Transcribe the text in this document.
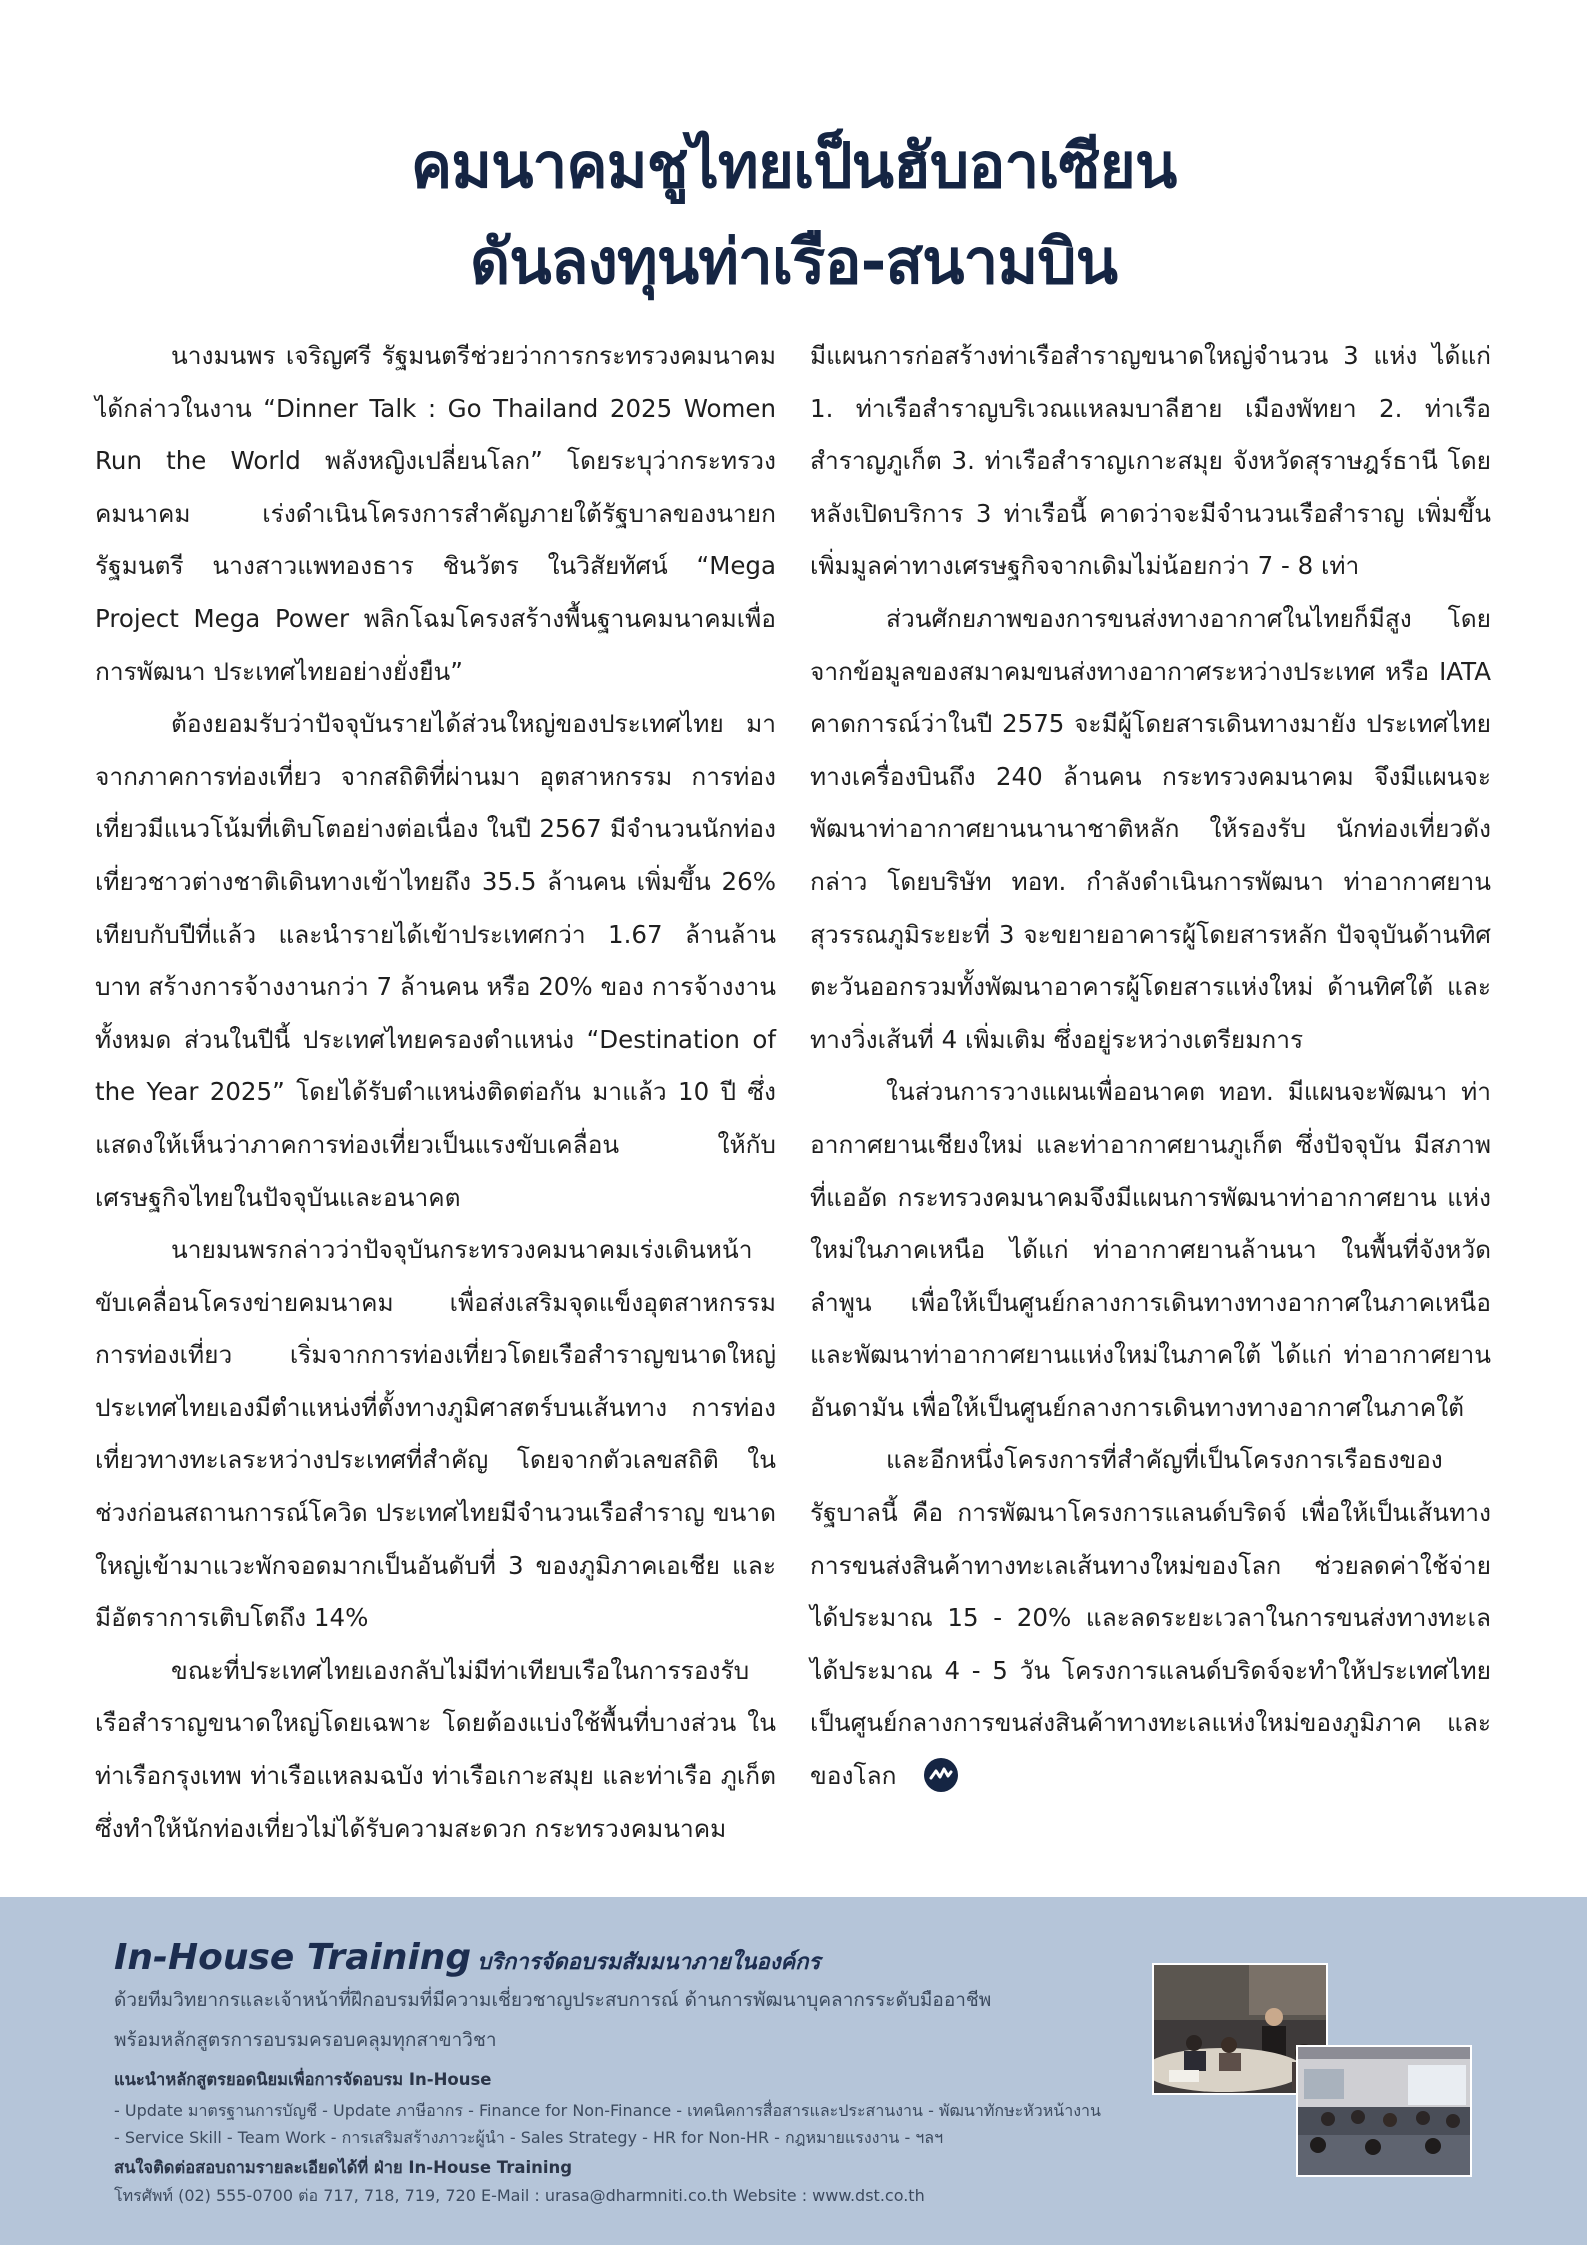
คมนาคมชูไทยเป็นฮับอาเซียน
ดันลงทุนท่าเรือ-สนามบิน

นางมนพร เจริญศรี รัฐมนตรีช่วยว่าการกระทรวงคมนาคม ได้กล่าวในงาน “Dinner Talk : Go Thailand 2025 Women Run the World พลังหญิงเปลี่ยนโลก” โดยระบุว่ากระทรวงคมนาคม เร่งดำเนินโครงการสำคัญภายใต้รัฐบาลของนายกรัฐมนตรี นางสาวแพทองธาร ชินวัตร ในวิสัยทัศน์ “Mega Project Mega Power พลิกโฉมโครงสร้างพื้นฐานคมนาคมเพื่อการพัฒนา ประเทศไทยอย่างยั่งยืน”

ต้องยอมรับว่าปัจจุบันรายได้ส่วนใหญ่ของประเทศไทย มาจากภาคการท่องเที่ยว จากสถิติที่ผ่านมา อุตสาหกรรม การท่องเที่ยวมีแนวโน้มที่เติบโตอย่างต่อเนื่อง ในปี 2567 มีจำนวนนักท่องเที่ยวชาวต่างชาติเดินทางเข้าไทยถึง 35.5 ล้านคน เพิ่มขึ้น 26% เทียบกับปีที่แล้ว และนำรายได้เข้าประเทศกว่า 1.67 ล้านล้านบาท สร้างการจ้างงานกว่า 7 ล้านคน หรือ 20% ของ การจ้างงานทั้งหมด ส่วนในปีนี้ ประเทศไทยครองตำแหน่ง “Destination of the Year 2025” โดยได้รับตำแหน่งติดต่อกัน มาแล้ว 10 ปี ซึ่งแสดงให้เห็นว่าภาคการท่องเที่ยวเป็นแรงขับเคลื่อน ให้กับเศรษฐกิจไทยในปัจจุบันและอนาคต

นายมนพรกล่าวว่าปัจจุบันกระทรวงคมนาคมเร่งเดินหน้า ขับเคลื่อนโครงข่ายคมนาคม เพื่อส่งเสริมจุดแข็งอุตสาหกรรม การท่องเที่ยว เริ่มจากการท่องเที่ยวโดยเรือสำราญขนาดใหญ่ ประเทศไทยเองมีตำแหน่งที่ตั้งทางภูมิศาสตร์บนเส้นทาง การท่องเที่ยวทางทะเลระหว่างประเทศที่สำคัญ โดยจากตัวเลขสถิติ ในช่วงก่อนสถานการณ์โควิด ประเทศไทยมีจำนวนเรือสำราญ ขนาดใหญ่เข้ามาแวะพักจอดมากเป็นอันดับที่ 3 ของภูมิภาคเอเชีย และมีอัตราการเติบโตถึง 14%

ขณะที่ประเทศไทยเองกลับไม่มีท่าเทียบเรือในการรองรับ เรือสำราญขนาดใหญ่โดยเฉพาะ โดยต้องแบ่งใช้พื้นที่บางส่วน ในท่าเรือกรุงเทพ ท่าเรือแหลมฉบัง ท่าเรือเกาะสมุย และท่าเรือ ภูเก็ต ซึ่งทำให้นักท่องเที่ยวไม่ได้รับความสะดวก กระทรวงคมนาคม

มีแผนการก่อสร้างท่าเรือสำราญขนาดใหญ่จำนวน 3 แห่ง ได้แก่ 1. ท่าเรือสำราญบริเวณแหลมบาลีฮาย เมืองพัทยา 2. ท่าเรือ สำราญภูเก็ต 3. ท่าเรือสำราญเกาะสมุย จังหวัดสุราษฎร์ธานี โดยหลังเปิดบริการ 3 ท่าเรือนี้ คาดว่าจะมีจำนวนเรือสำราญ เพิ่มขึ้น เพิ่มมูลค่าทางเศรษฐกิจจากเดิมไม่น้อยกว่า 7 - 8 เท่า

ส่วนศักยภาพของการขนส่งทางอากาศในไทยก็มีสูง โดยจากข้อมูลของสมาคมขนส่งทางอากาศระหว่างประเทศ หรือ IATA คาดการณ์ว่าในปี 2575 จะมีผู้โดยสารเดินทางมายัง ประเทศไทยทางเครื่องบินถึง 240 ล้านคน กระทรวงคมนาคม จึงมีแผนจะพัฒนาท่าอากาศยานนานาชาติหลัก ให้รองรับ นักท่องเที่ยวดังกล่าว โดยบริษัท ทอท. กำลังดำเนินการพัฒนา ท่าอากาศยานสุวรรณภูมิระยะที่ 3 จะขยายอาคารผู้โดยสารหลัก ปัจจุบันด้านทิศตะวันออกรวมทั้งพัฒนาอาคารผู้โดยสารแห่งใหม่ ด้านทิศใต้ และทางวิ่งเส้นที่ 4 เพิ่มเติม ซึ่งอยู่ระหว่างเตรียมการ

ในส่วนการวางแผนเพื่ออนาคต ทอท. มีแผนจะพัฒนา ท่าอากาศยานเชียงใหม่ และท่าอากาศยานภูเก็ต ซึ่งปัจจุบัน มีสภาพที่แออัด กระทรวงคมนาคมจึงมีแผนการพัฒนาท่าอากาศยาน แห่งใหม่ในภาคเหนือ ได้แก่ ท่าอากาศยานล้านนา ในพื้นที่จังหวัด ลำพูน เพื่อให้เป็นศูนย์กลางการเดินทางทางอากาศในภาคเหนือ และพัฒนาท่าอากาศยานแห่งใหม่ในภาคใต้ ได้แก่ ท่าอากาศยาน อันดามัน เพื่อให้เป็นศูนย์กลางการเดินทางทางอากาศในภาคใต้

และอีกหนึ่งโครงการที่สำคัญที่เป็นโครงการเรือธงของ รัฐบาลนี้ คือ การพัฒนาโครงการแลนด์บริดจ์ เพื่อให้เป็นเส้นทาง การขนส่งสินค้าทางทะเลเส้นทางใหม่ของโลก ช่วยลดค่าใช้จ่าย ได้ประมาณ 15 - 20% และลดระยะเวลาในการขนส่งทางทะเล ได้ประมาณ 4 - 5 วัน โครงการแลนด์บริดจ์จะทำให้ประเทศไทย เป็นศูนย์กลางการขนส่งสินค้าทางทะเลแห่งใหม่ของภูมิภาค และของโลก

In-House Training บริการจัดอบรมสัมมนาภายในองค์กร
ด้วยทีมวิทยากรและเจ้าหน้าที่ฝึกอบรมที่มีความเชี่ยวชาญประสบการณ์ ด้านการพัฒนาบุคลากรระดับมืออาชีพ
พร้อมหลักสูตรการอบรมครอบคลุมทุกสาขาวิชา
แนะนำหลักสูตรยอดนิยมเพื่อการจัดอบรม In-House
- Update มาตรฐานการบัญชี - Update ภาษีอากร - Finance for Non-Finance - เทคนิคการสื่อสารและประสานงาน - พัฒนาทักษะหัวหน้างาน
- Service Skill - Team Work - การเสริมสร้างภาวะผู้นำ - Sales Strategy - HR for Non-HR - กฎหมายแรงงาน - ฯลฯ
สนใจติดต่อสอบถามรายละเอียดได้ที่ ฝ่าย In-House Training
โทรศัพท์ (02) 555-0700 ต่อ 717, 718, 719, 720 E-Mail : urasa@dharmniti.co.th Website : www.dst.co.th
